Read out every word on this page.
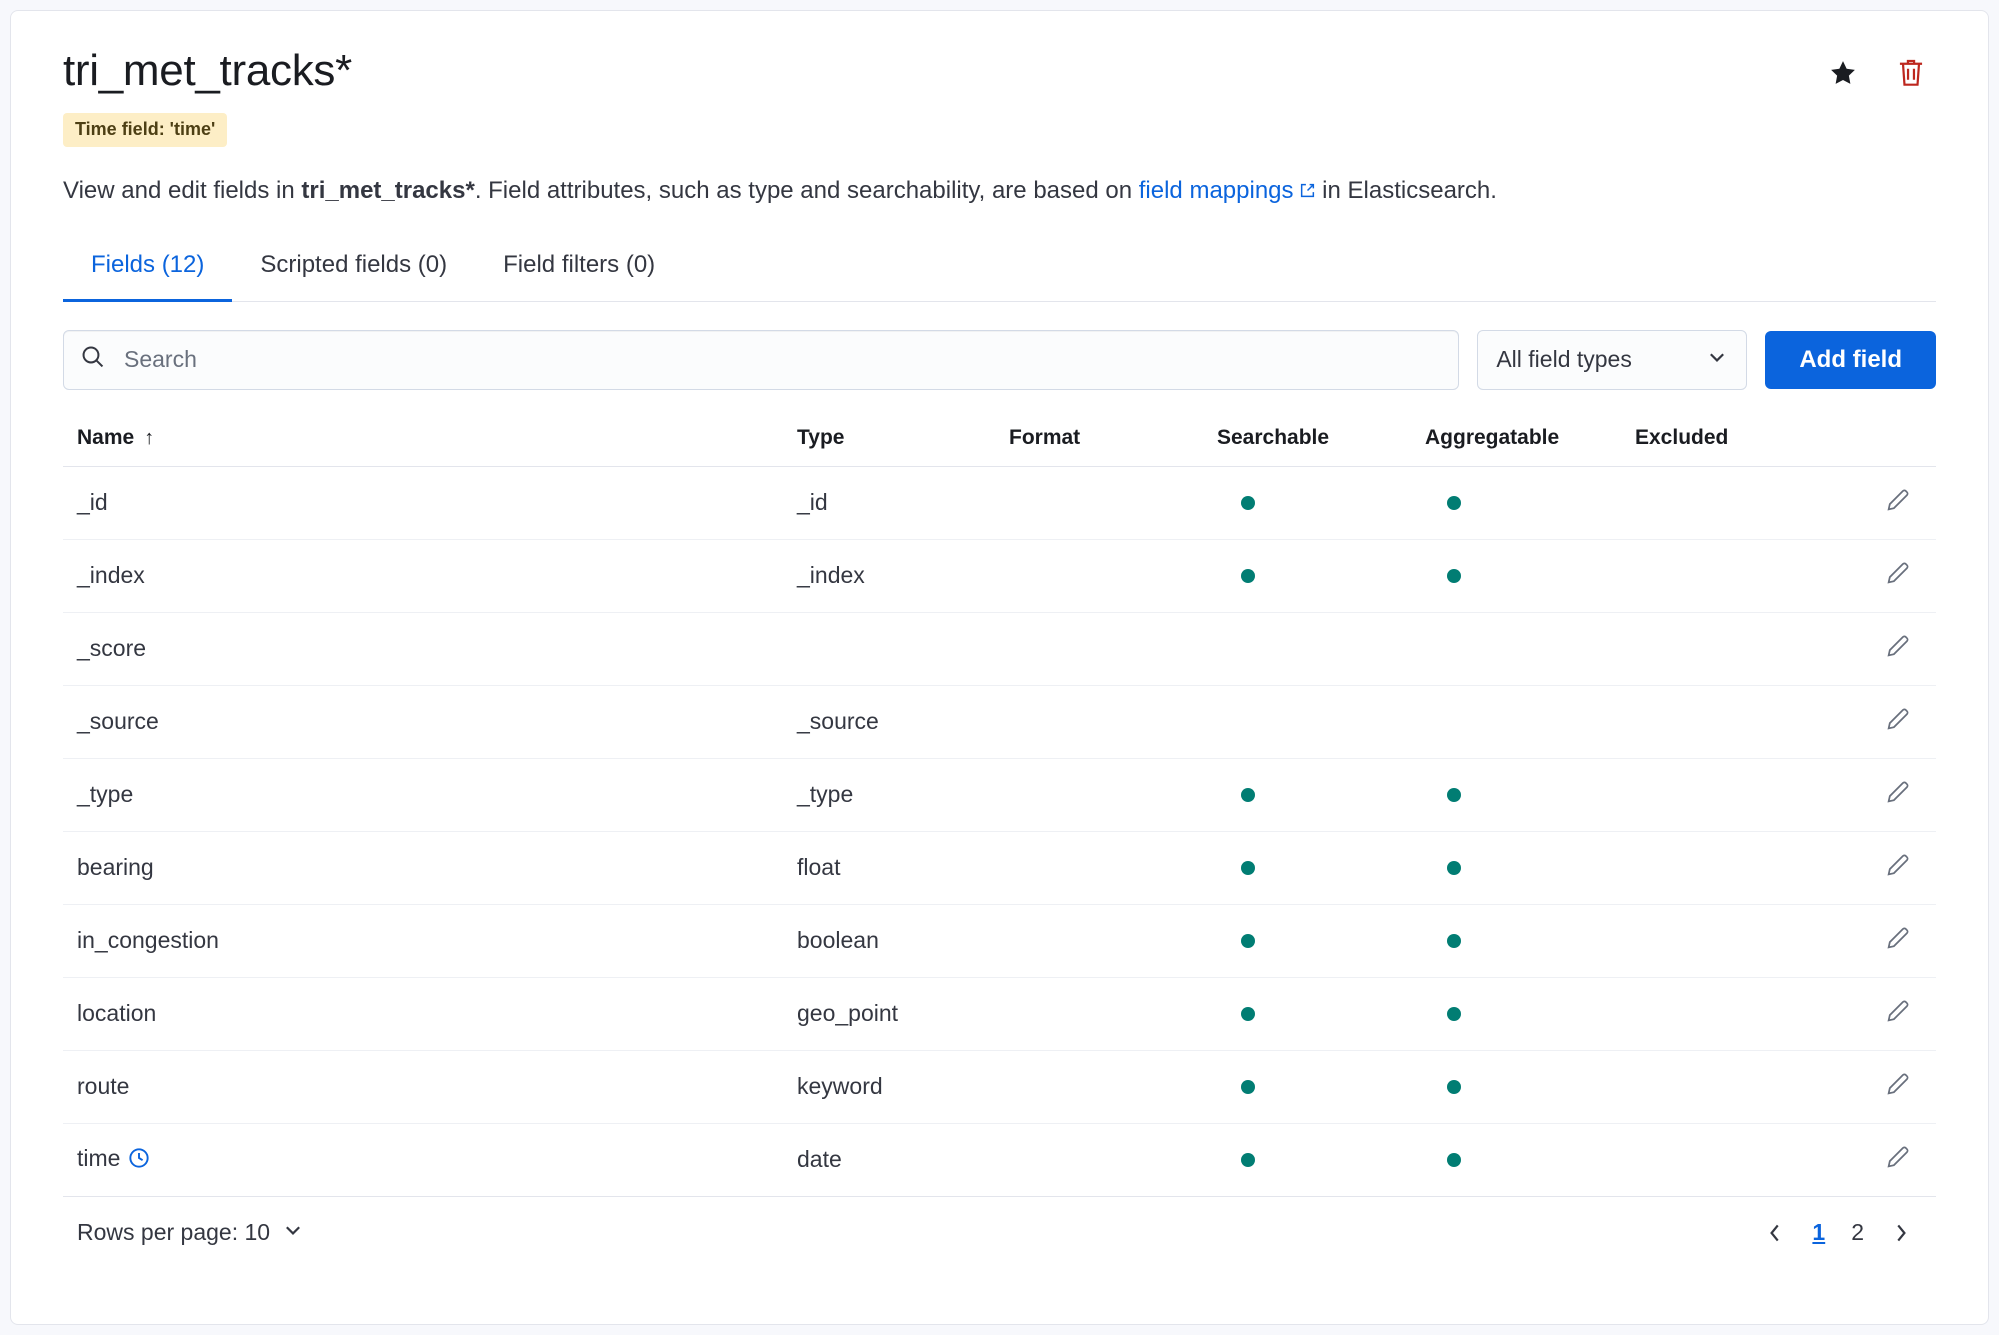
tri_met_tracks*
Time field: 'time'
View and edit fields in tri_met_tracks*. Field attributes, such as type and searchability, are based on field mappings in Elasticsearch.
Fields (12)	Scripted fields (0)	Field filters (0)
Search
All field types	Add field
Name ↑	Type	Format	Searchable	Aggregatable	Excluded	
_id	_id					
_index	_index					
_score						
_source	_source					
_type	_type					
bearing	float					
in_congestion	boolean					
location	geo_point					
route	keyword					
time	date					
Rows per page: 10	1 2
